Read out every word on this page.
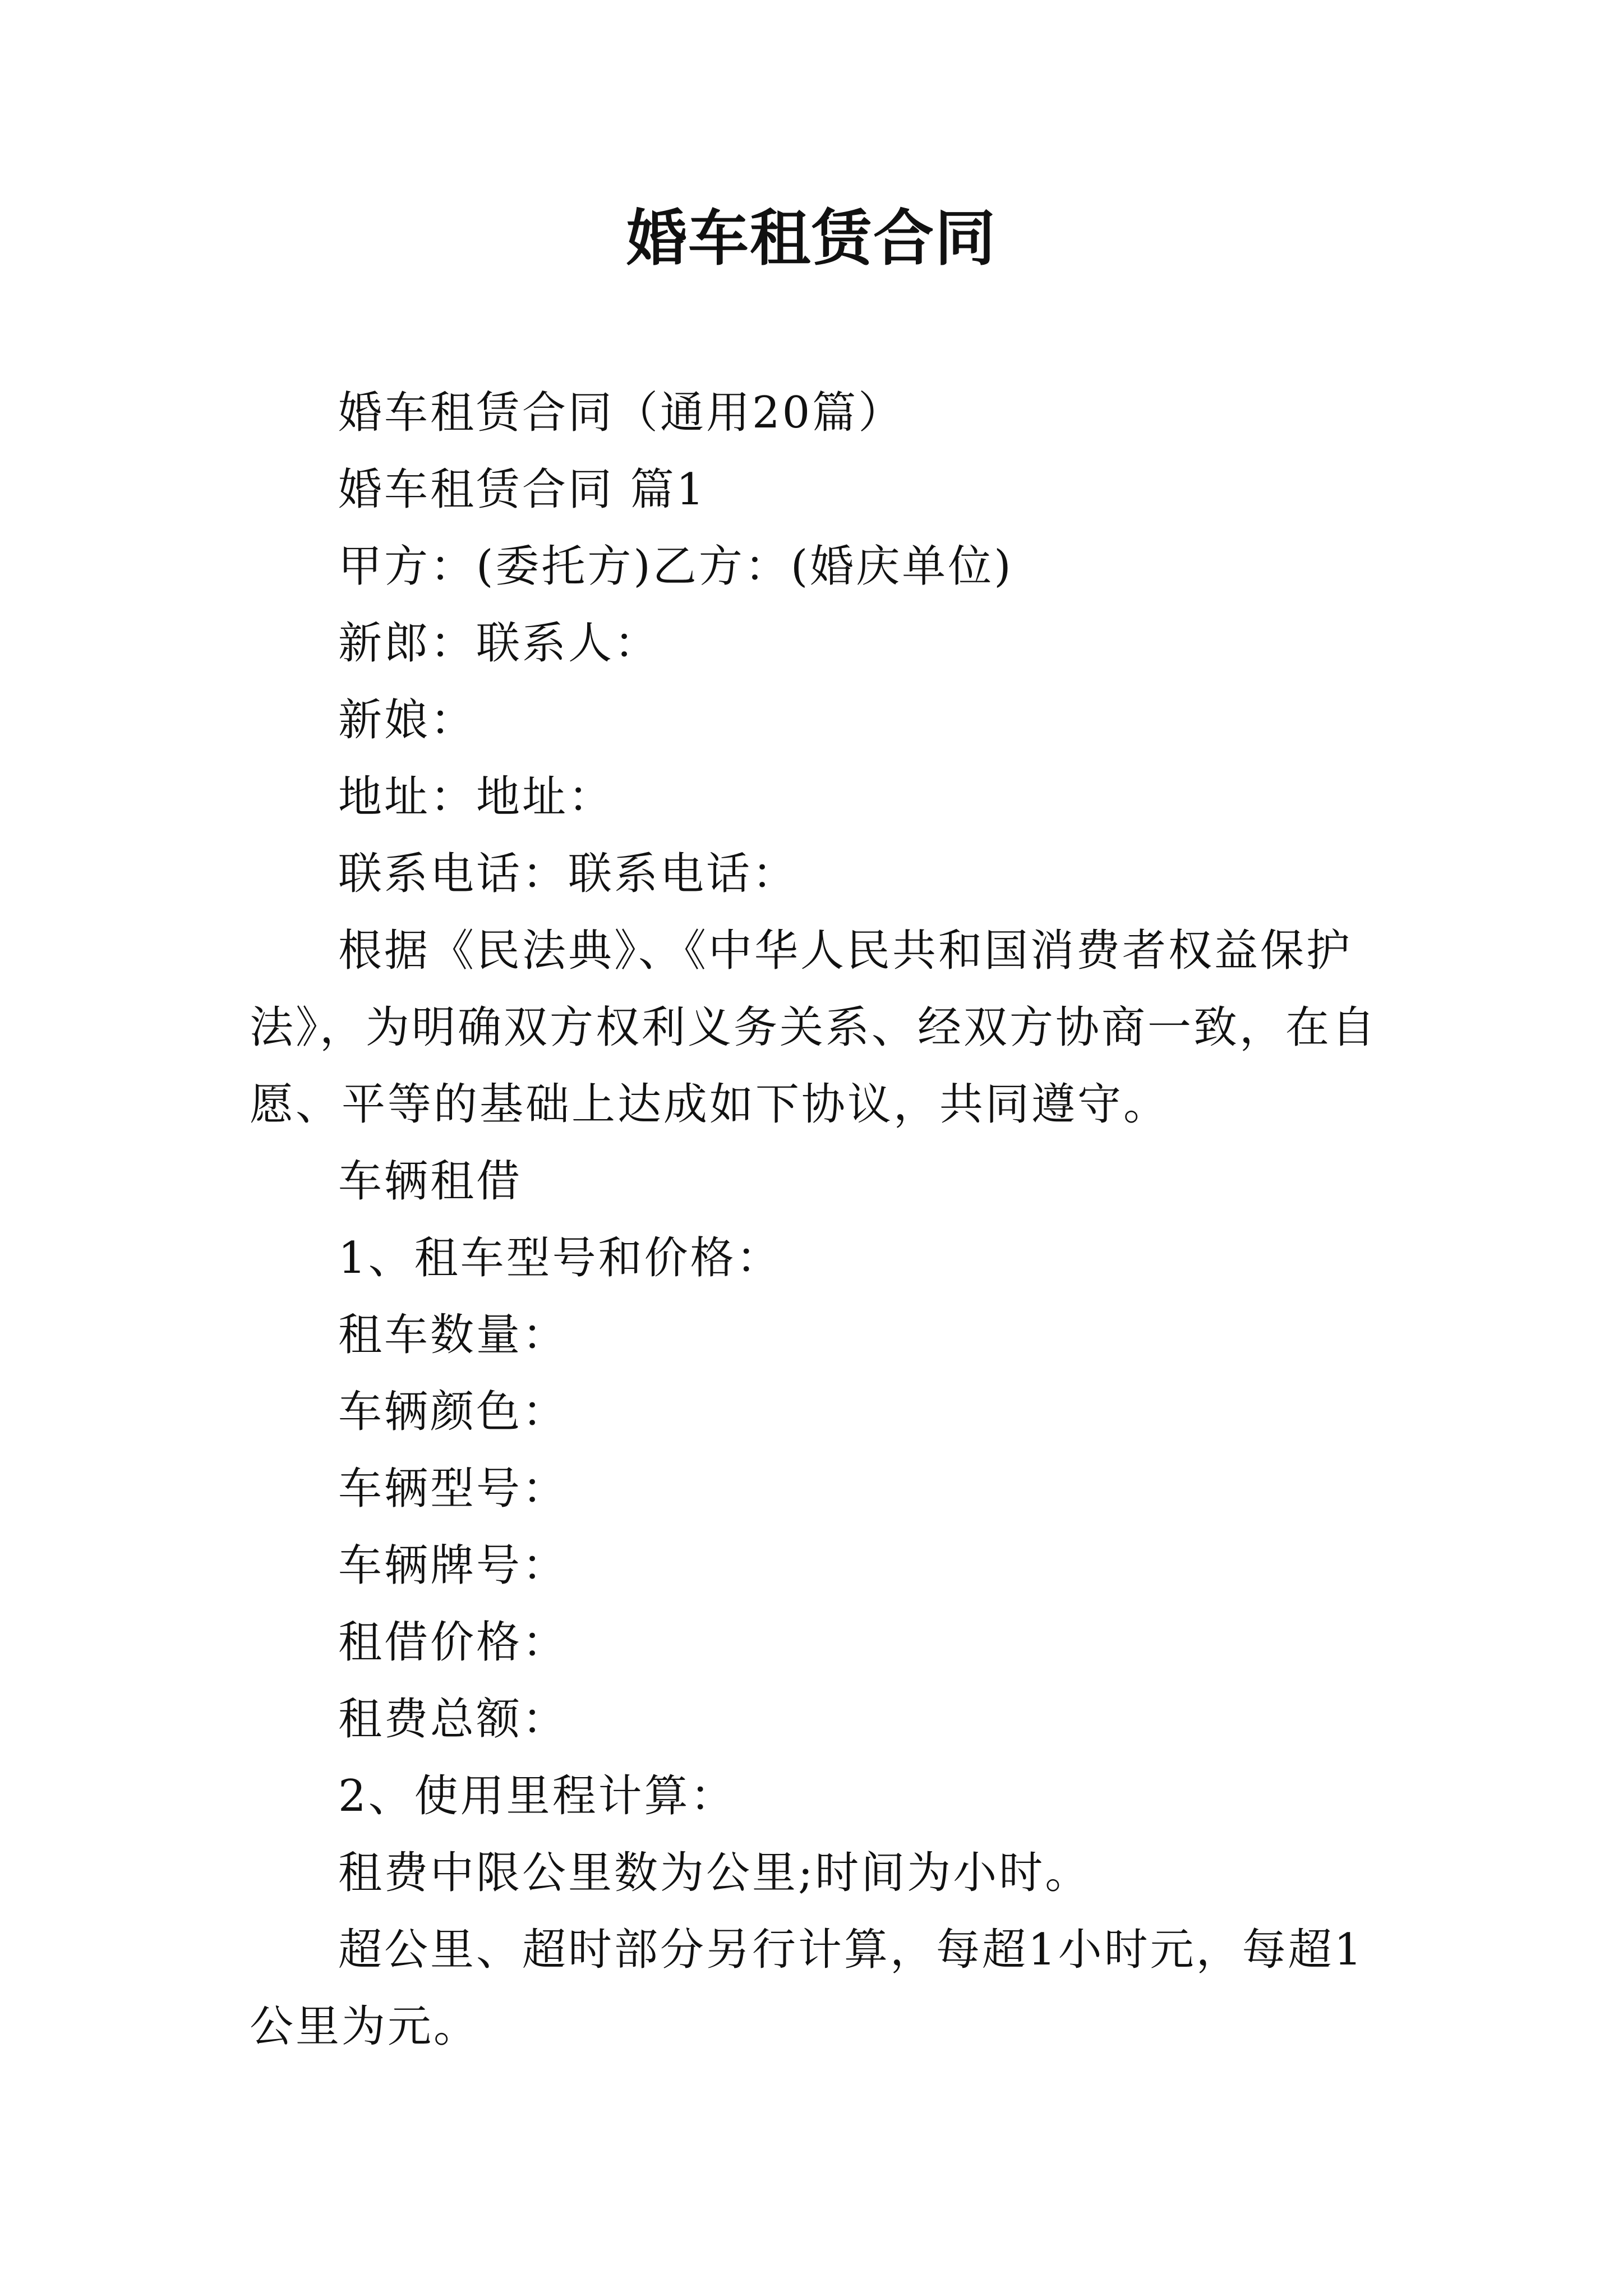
婚车租赁合同

婚车租赁合同（通用20篇）

婚车租赁合同 篇1

甲方：(委托方)乙方：(婚庆单位)

新郎：联系人：

新娘：

地址：地址：

联系电话：联系电话：

根据《民法典》、《中华人民共和国消费者权益保护法》，为明确双方权利义务关系、经双方协商一致，在自愿、平等的基础上达成如下协议，共同遵守。

车辆租借

1、租车型号和价格：

租车数量：

车辆颜色：

车辆型号：

车辆牌号：

租借价格：

租费总额：

2、使用里程计算：

租费中限公里数为公里;时间为小时。

超公里、超时部分另行计算，每超1小时元，每超1公里为元。
